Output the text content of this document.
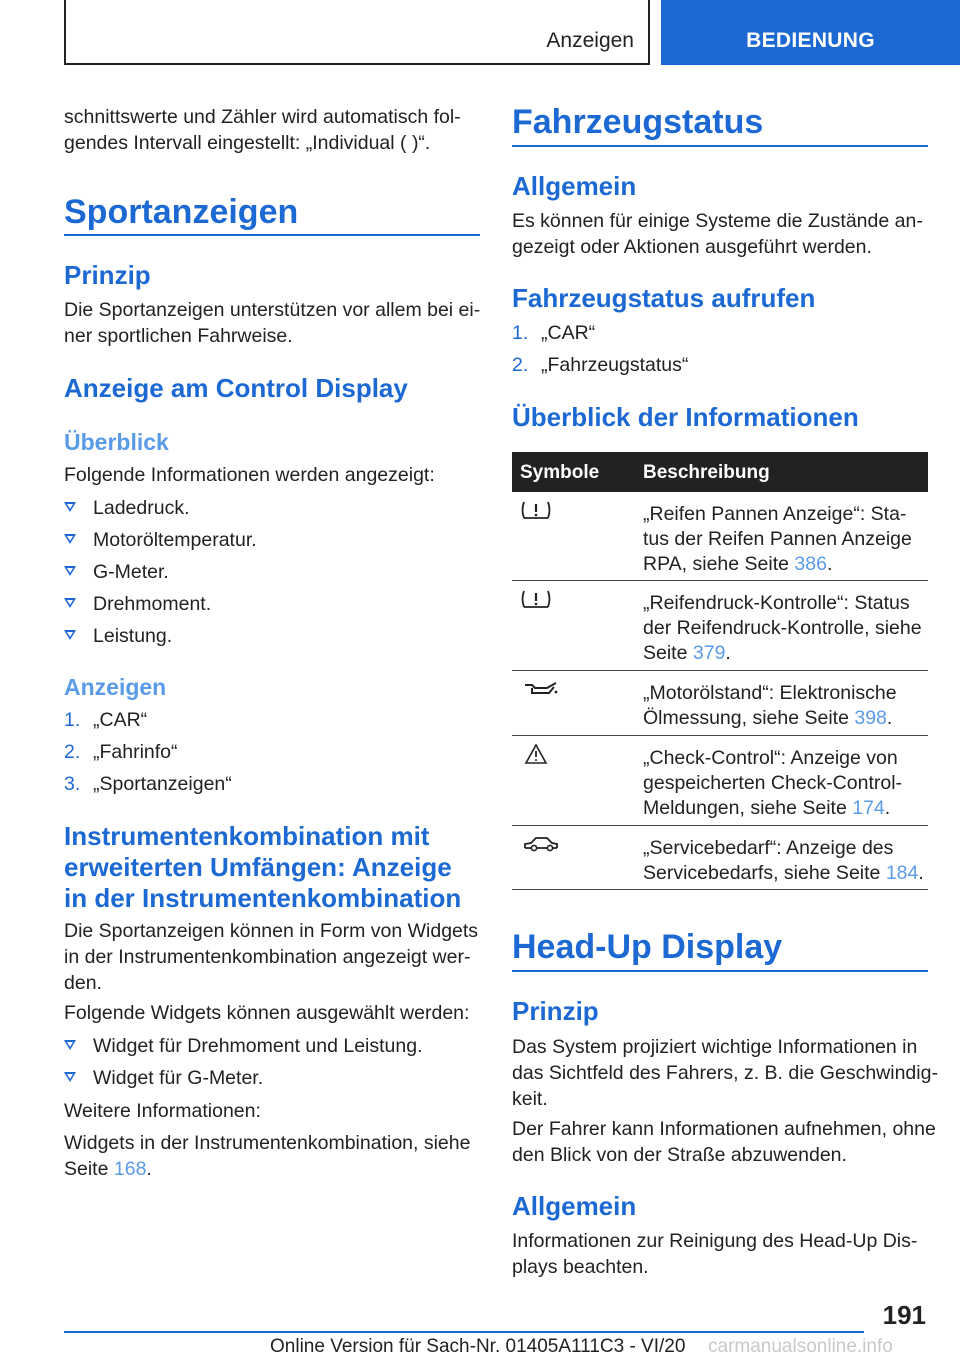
Anzeigen	BEDIENUNG
schnittswerte und Zähler wird automatisch fol-
gendes Intervall eingestellt: „Individual ( )“.
Sportanzeigen
Prinzip
Die Sportanzeigen unterstützen vor allem bei ei-
ner sportlichen Fahrweise.
Anzeige am Control Display
Überblick
Folgende Informationen werden angezeigt:
Ladedruck.
Motoröltemperatur.
G-Meter.
Drehmoment.
Leistung.
Anzeigen
1. „CAR“
2. „Fahrinfo“
3. „Sportanzeigen“
Instrumentenkombination mit
erweiterten Umfängen: Anzeige
in der Instrumentenkombination
Die Sportanzeigen können in Form von Widgets
in der Instrumentenkombination angezeigt wer-
den.
Folgende Widgets können ausgewählt werden:
Widget für Drehmoment und Leistung.
Widget für G-Meter.
Weitere Informationen:
Widgets in der Instrumentenkombination, siehe
Seite 168.
Fahrzeugstatus
Allgemein
Es können für einige Systeme die Zustände an-
gezeigt oder Aktionen ausgeführt werden.
Fahrzeugstatus aufrufen
1. „CAR“
2. „Fahrzeugstatus“
Überblick der Informationen
Symbole Beschreibung
„Reifen Pannen Anzeige“: Sta-
tus der Reifen Pannen Anzeige
RPA, siehe Seite 386.
„Reifendruck-Kontrolle“: Status
der Reifendruck-Kontrolle, siehe
Seite 379.
„Motorölstand“: Elektronische
Ölmessung, siehe Seite 398.
„Check-Control“: Anzeige von
gespeicherten Check-Control-
Meldungen, siehe Seite 174.
„Servicebedarf“: Anzeige des
Servicebedarfs, siehe Seite 184.
Head-Up Display
Prinzip
Das System projiziert wichtige Informationen in
das Sichtfeld des Fahrers, z. B. die Geschwindig-
keit.
Der Fahrer kann Informationen aufnehmen, ohne
den Blick von der Straße abzuwenden.
Allgemein
Informationen zur Reinigung des Head-Up Dis-
plays beachten.
191
Online Version für Sach-Nr. 01405A111C3 - VI/20 carmanualsonline.info
